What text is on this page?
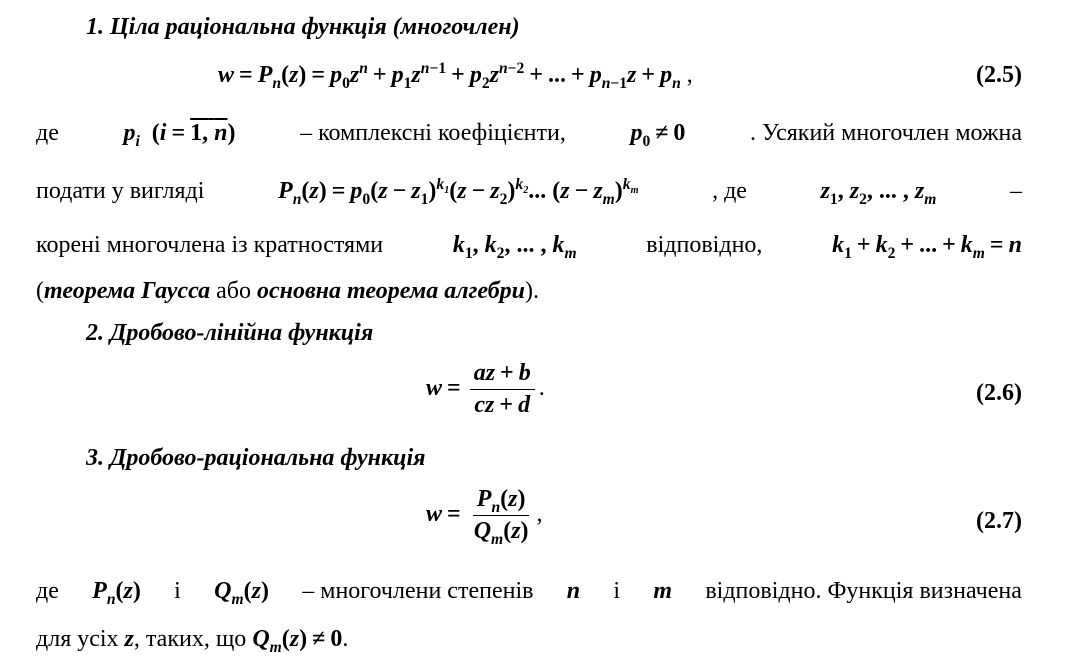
1. Ціла раціональна функція (многочлен)
$w = P_n(z) = p_0z^n + p_1z^{n-1} + p_2z^{n-2}$ + ... + $p_{n-1}z + p_n$ ,	(2.5)
де	$p_i$ (i = 1, n)	– комплексні коефіцієнти,	$p_0 \ne 0$	. Усякий многочлен можна
подати у вигляді	$P_n(z) = p_0(z - z_1)^{k_1}(z - z_2)^{k_2}$... $(z - z_m)^{k_m}$	, де	$z_1$, $z_2$, ... , $z_m$	–
корені многочлена із кратностями	$k_1$, $k_2$, ... , $k_m$	відповідно,	$k_1 + k_2$ + ... + $k_m = n$
(теорема Гаусса або основна теорема алгебри).
2. Дробово-лінійна функція
$w = \frac{az + b}{cz + d}$ .	(2.6)
3. Дробово-раціональна функція
$w = \frac{P_n(z)}{Q_m(z)}$ ,	(2.7)
де $P_n(z)$ і $Q_m(z)$ – многочлени степенів n і m відповідно. Функція визначена
для усіх z, таких, що $Q_m(z) \ne 0$.
